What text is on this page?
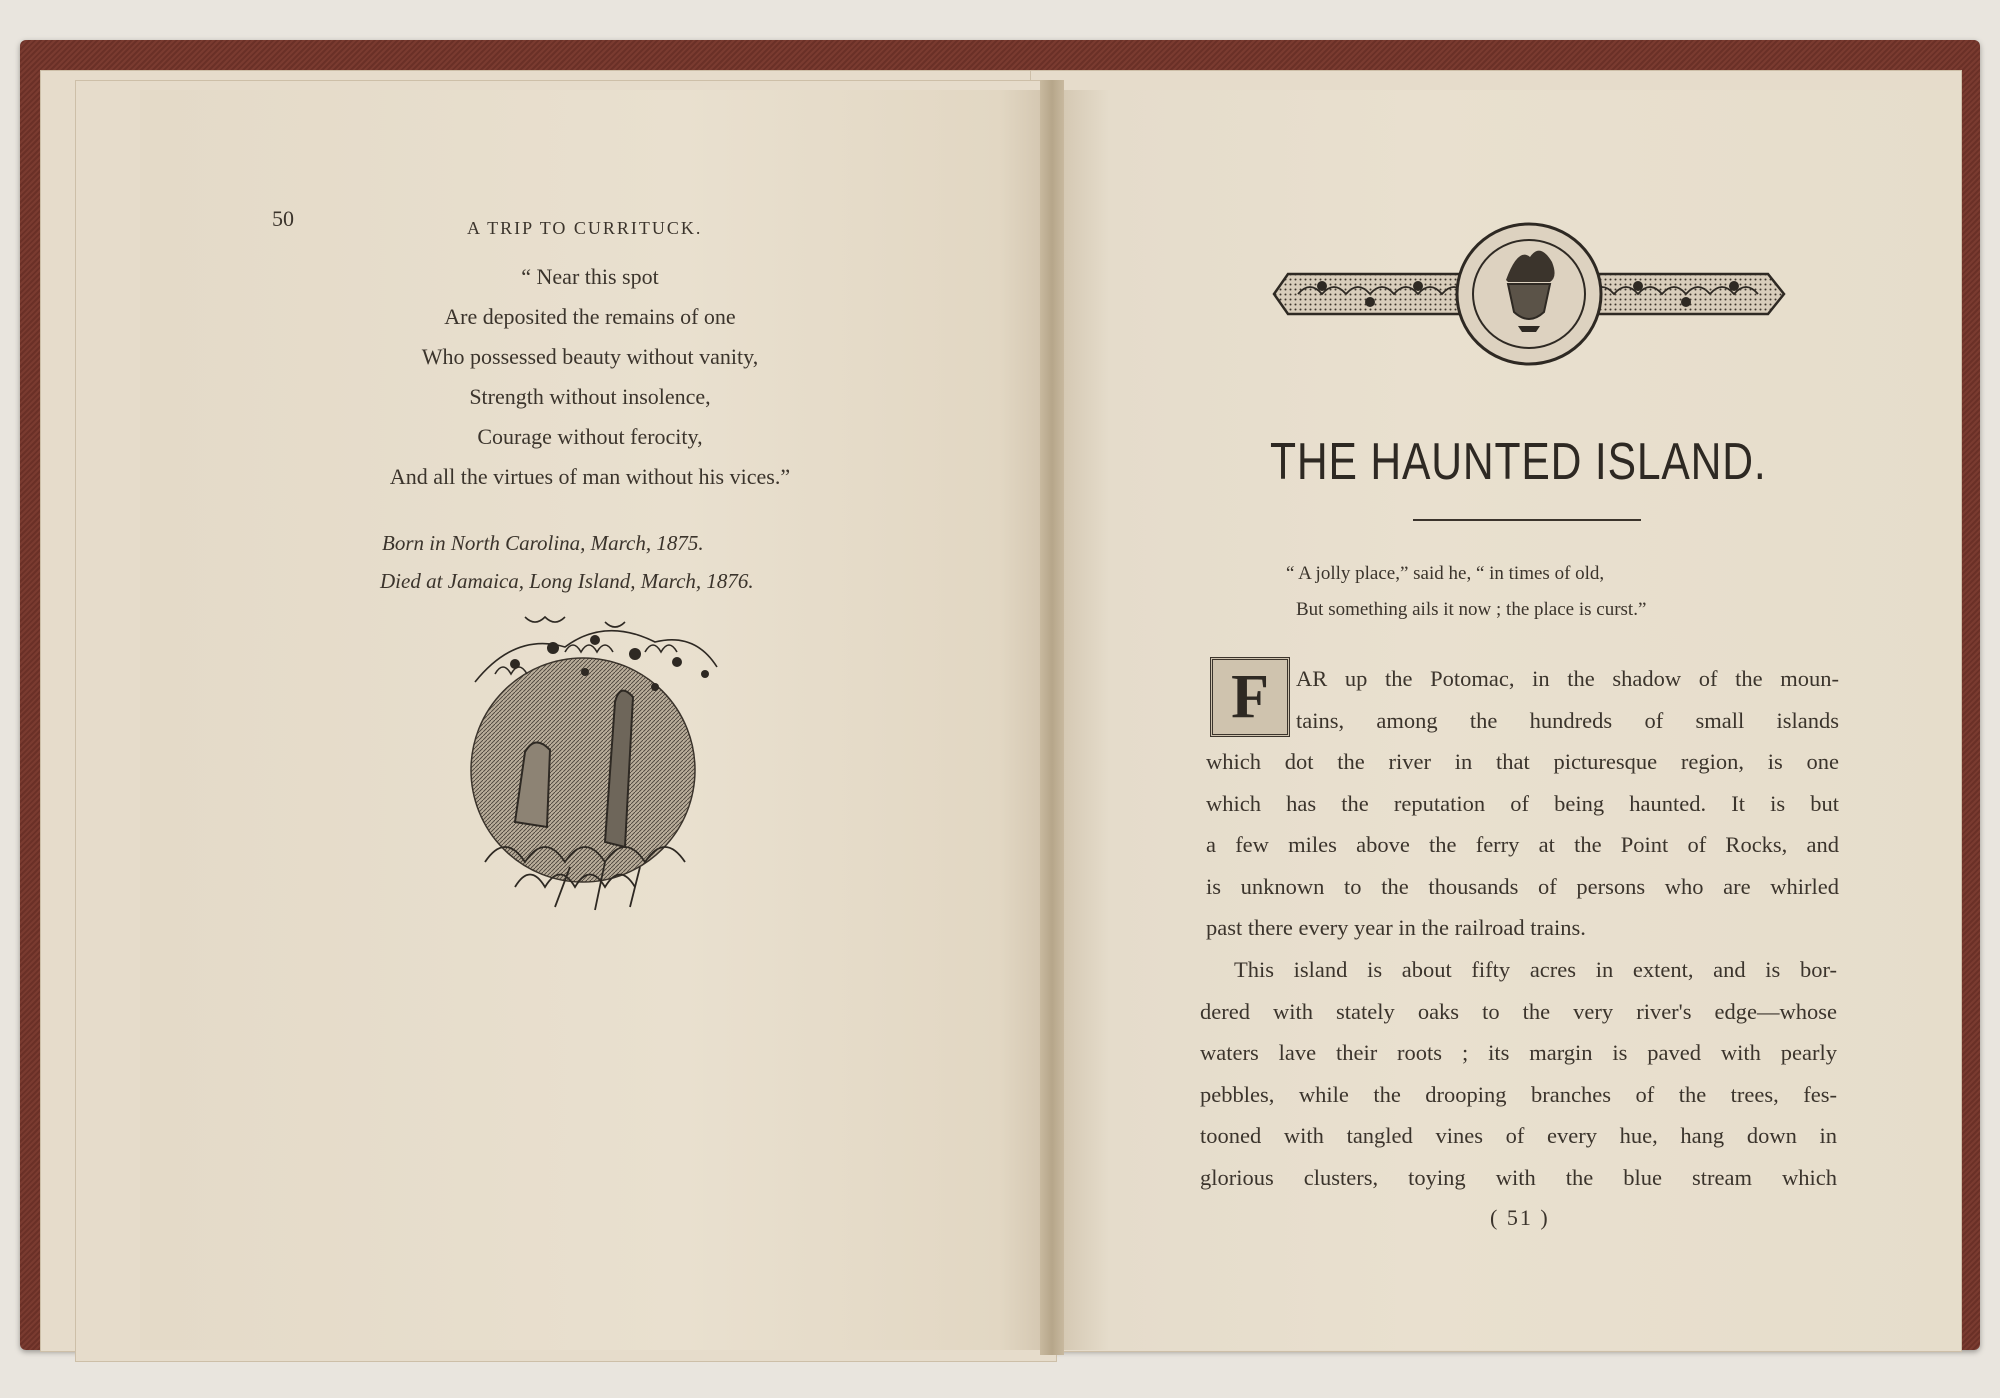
50	A TRIP TO CURRITUCK.
“ Near this spot
Are deposited the remains of one
Who possessed beauty without vanity,
Strength without insolence,
Courage without ferocity,
And all the virtues of man without his vices.”
Born in North Carolina, March, 1875.
Died at Jamaica, Long Island, March, 1876.
THE HAUNTED ISLAND.
“ A jolly place,” said he, “ in times of old,
But something ails it now ; the place is curst.”
F	AR up the Potomac, in the shadow of the moun-
tains, among the hundreds of small islands
which dot the river in that picturesque region, is one
which has the reputation of being haunted. It is but
a few miles above the ferry at the Point of Rocks, and
is unknown to the thousands of persons who are whirled
past there every year in the railroad trains.
This island is about fifty acres in extent, and is bor-
dered with stately oaks to the very river's edge—whose
waters lave their roots ; its margin is paved with pearly
pebbles, while the drooping branches of the trees, fes-
tooned with tangled vines of every hue, hang down in
glorious clusters, toying with the blue stream which
( 51 )
